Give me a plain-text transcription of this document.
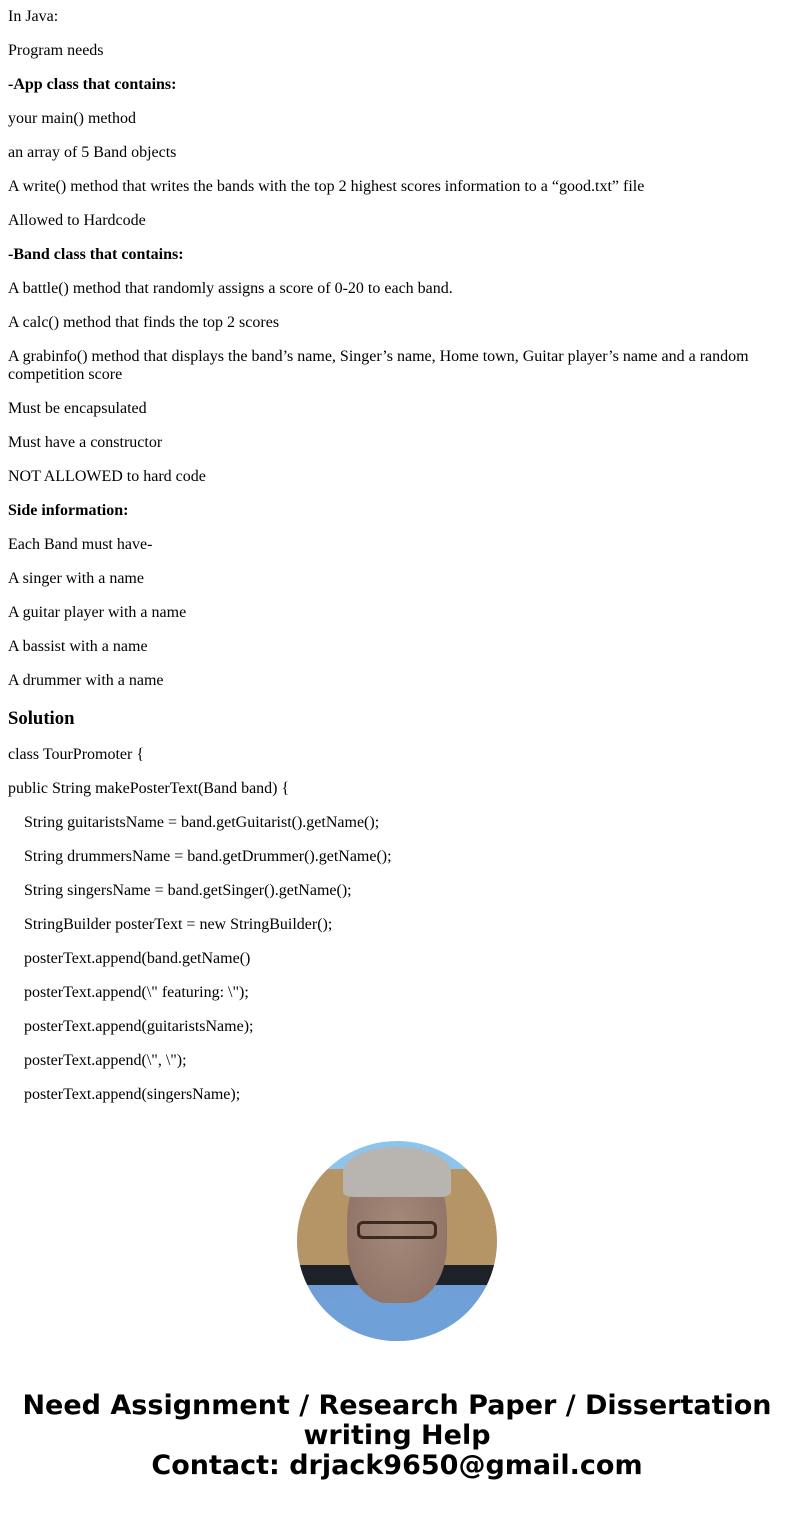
In Java:

Program needs

-App class that contains:

your main() method

an array of 5 Band objects

A write() method that writes the bands with the top 2 highest scores information to a “good.txt” file

Allowed to Hardcode

-Band class that contains:

A battle() method that randomly assigns a score of 0-20 to each band.

A calc() method that finds the top 2 scores

A grabinfo() method that displays the band’s name, Singer’s name, Home town, Guitar player’s name and a random competition score

Must be encapsulated

Must have a constructor

NOT ALLOWED to hard code

Side information:

Each Band must have-

A singer with a name

A guitar player with a name

A bassist with a name

A drummer with a name

Solution

class TourPromoter {

public String makePosterText(Band band) {

String guitaristsName = band.getGuitarist().getName();

String drummersName = band.getDrummer().getName();

String singersName = band.getSinger().getName();

StringBuilder posterText = new StringBuilder();

posterText.append(band.getName()

posterText.append(\" featuring: \");

posterText.append(guitaristsName);

posterText.append(\", \");

posterText.append(singersName);

Need Assignment / Research Paper / Dissertation writing Help
Contact: drjack9650@gmail.com
